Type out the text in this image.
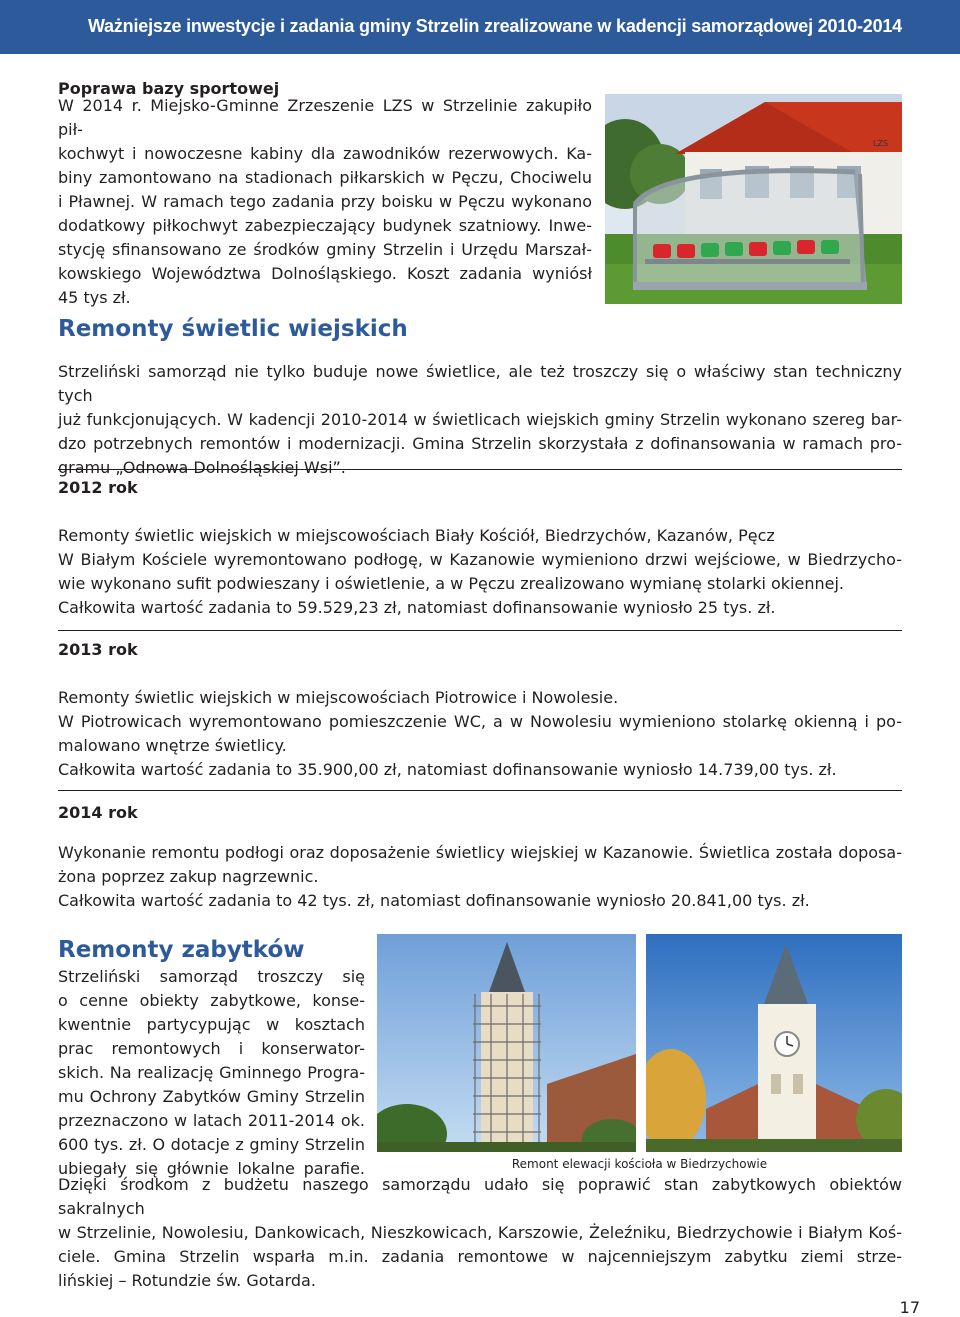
Ważniejsze inwestycje i zadania gminy Strzelin zrealizowane w kadencji samorządowej 2010-2014
Poprawa bazy sportowej
W 2014 r. Miejsko-Gminne Zrzeszenie LZS w Strzelinie zakupiło pił-
kochwyt i nowoczesne kabiny dla zawodników rezerwowych. Ka-
biny zamontowano na stadionach piłkarskich w Pęczu, Chociwelu
i Pławnej. W ramach tego zadania przy boisku w Pęczu wykonano
dodatkowy piłkochwyt zabezpieczający budynek szatniowy. Inwe-
stycję sfinansowano ze środków gminy Strzelin i Urzędu Marszał-
kowskiego Województwa Dolnośląskiego. Koszt zadania wyniósł
45 tys zł.
LZS
Remonty świetlic wiejskich
Strzeliński samorząd nie tylko buduje nowe świetlice, ale też troszczy się o właściwy stan techniczny tych
już funkcjonujących. W kadencji 2010-2014 w świetlicach wiejskich gminy Strzelin wykonano szereg bar-
dzo potrzebnych remontów i modernizacji. Gmina Strzelin skorzystała z dofinansowania w ramach pro-
gramu „Odnowa Dolnośląskiej Wsi”.
2012 rok
Remonty świetlic wiejskich w miejscowościach Biały Kościół, Biedrzychów, Kazanów, Pęcz
W Białym Kościele wyremontowano podłogę, w Kazanowie wymieniono drzwi wejściowe, w Biedrzycho-
wie wykonano sufit podwieszany i oświetlenie, a w Pęczu zrealizowano wymianę stolarki okiennej.
Całkowita wartość zadania to 59.529,23 zł, natomiast dofinansowanie wyniosło 25 tys. zł.
2013 rok
Remonty świetlic wiejskich w miejscowościach Piotrowice i Nowolesie.
W Piotrowicach wyremontowano pomieszczenie WC, a w Nowolesiu wymieniono stolarkę okienną i po-
malowano wnętrze świetlicy.
Całkowita wartość zadania to 35.900,00 zł, natomiast dofinansowanie wyniosło 14.739,00 tys. zł.
2014 rok
Wykonanie remontu podłogi oraz doposażenie świetlicy wiejskiej w Kazanowie. Świetlica została doposa-
żona poprzez zakup nagrzewnic.
Całkowita wartość zadania to 42 tys. zł, natomiast dofinansowanie wyniosło 20.841,00 tys. zł.
Remonty zabytków
Strzeliński samorząd troszczy się
o cenne obiekty zabytkowe, konse-
kwentnie partycypując w kosztach
prac remontowych i konserwator-
skich. Na realizację Gminnego Progra-
mu Ochrony Zabytków Gminy Strzelin
przeznaczono w latach 2011-2014 ok.
600 tys. zł. O dotacje z gminy Strzelin
ubiegały się głównie lokalne parafie.	Remont elewacji kościoła w Biedrzychowie
Dzięki środkom z budżetu naszego samorządu udało się poprawić stan zabytkowych obiektów sakralnych
w Strzelinie, Nowolesiu, Dankowicach, Nieszkowicach, Karszowie, Żeleźniku, Biedrzychowie i Białym Koś-
ciele. Gmina Strzelin wsparła m.in. zadania remontowe w najcenniejszym zabytku ziemi strze-
lińskiej – Rotundzie św. Gotarda.
17
